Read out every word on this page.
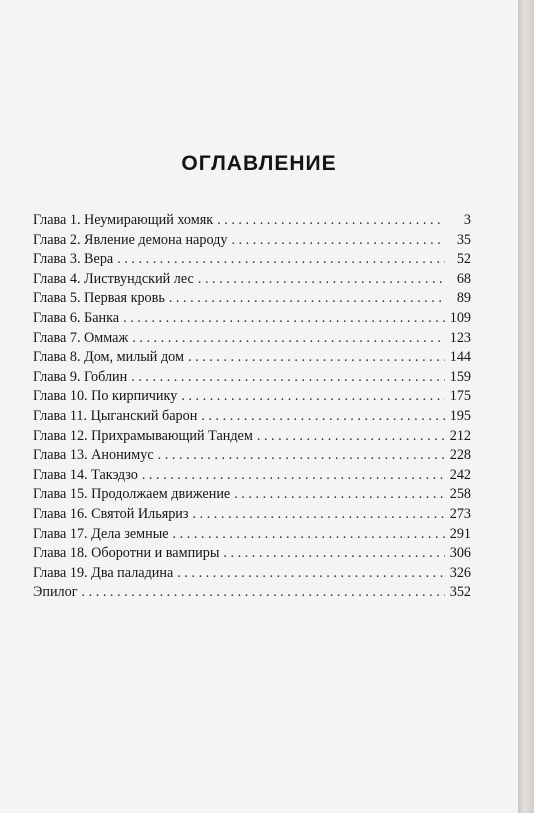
ОГЛАВЛЕНИЕ
Глава 1. Неумирающий хомяк . . .	3
Глава 2. Явление демона народу . . .	35
Глава 3. Вера . . .	52
Глава 4. Листвундский лес . . .	68
Глава 5. Первая кровь . . .	89
Глава 6. Банка . . .	109
Глава 7. Оммаж . . .	123
Глава 8. Дом, милый дом . . .	144
Глава 9. Гоблин . . .	159
Глава 10. По кирпичику . . .	175
Глава 11. Цыганский барон . . .	195
Глава 12. Прихрамывающий Тандем . . .	212
Глава 13. Анонимус . . .	228
Глава 14. Такэдзо . . .	242
Глава 15. Продолжаем движение . . .	258
Глава 16. Святой Ильяриз . . .	273
Глава 17. Дела земные . . .	291
Глава 18. Оборотни и вампиры . . .	306
Глава 19. Два паладина . . .	326
Эпилог . . .	352
